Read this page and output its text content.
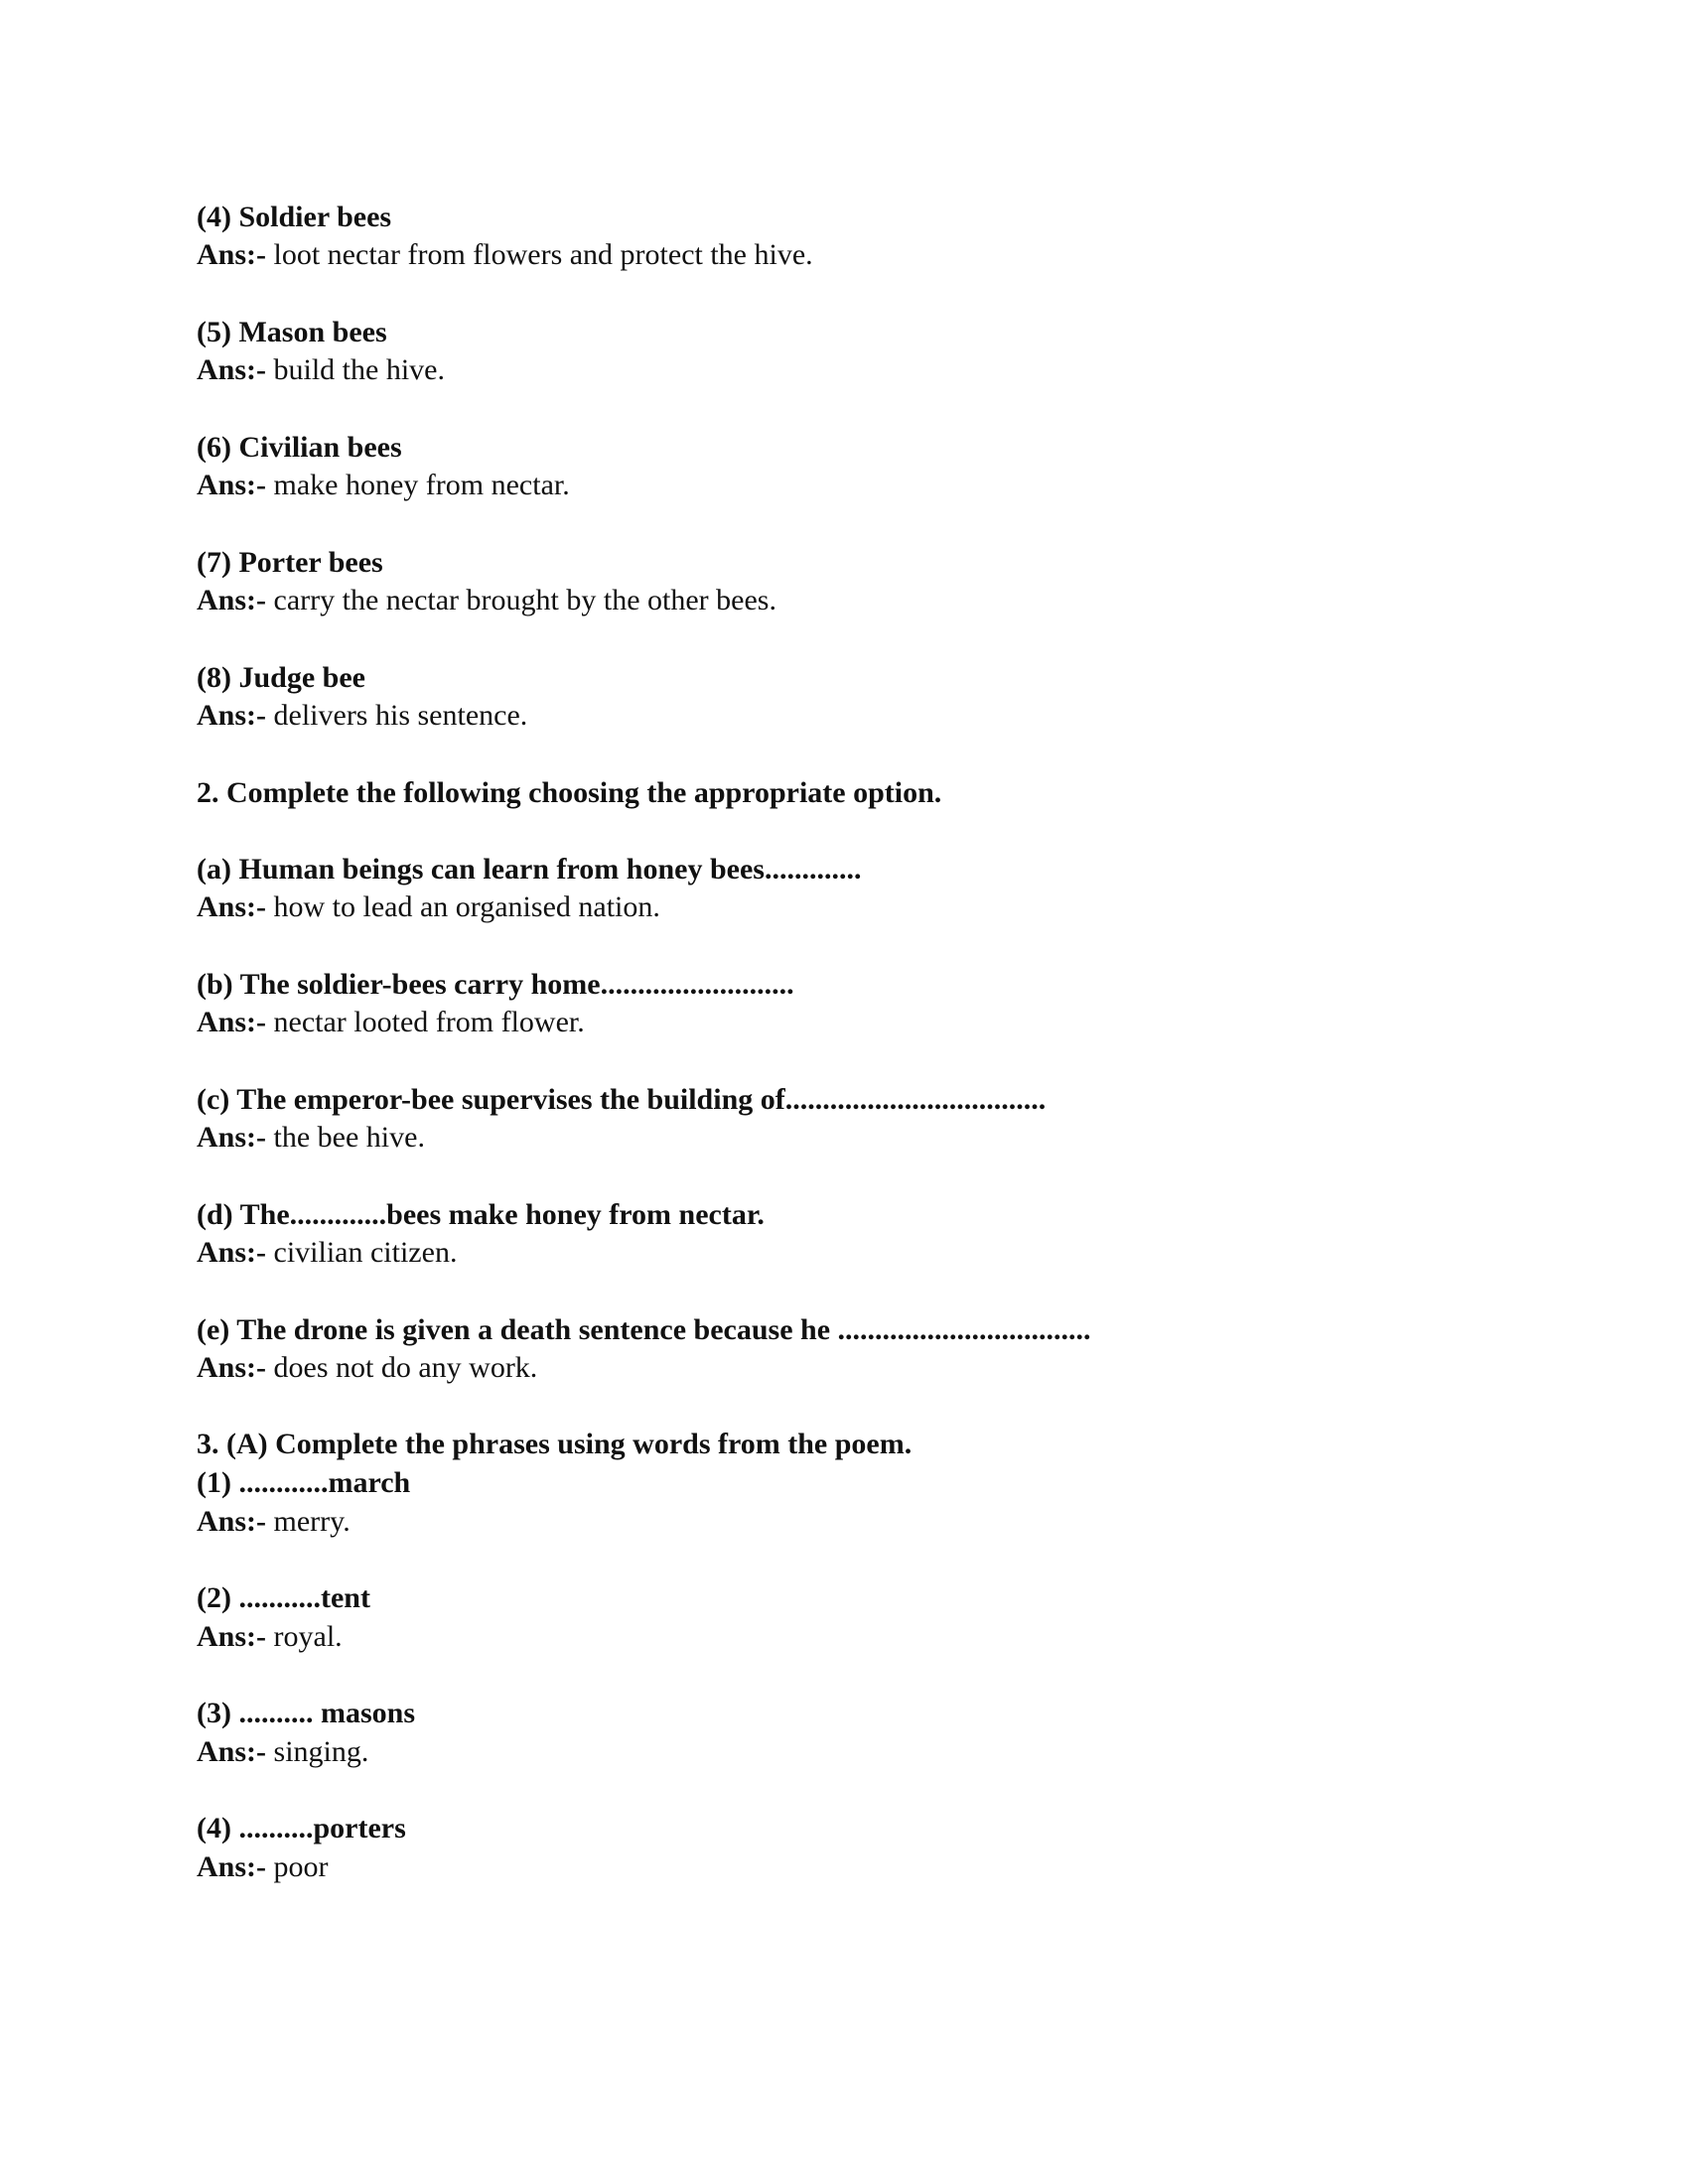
(4) Soldier bees
Ans:- loot nectar from flowers and protect the hive.
(5) Mason bees
Ans:- build the hive.
(6) Civilian bees
Ans:- make honey from nectar.
(7) Porter bees
Ans:- carry the nectar brought by the other bees.
(8) Judge bee
Ans:- delivers his sentence.
2. Complete the following choosing the appropriate option.
(a) Human beings can learn from honey bees.............
Ans:- how to lead an organised nation.
(b) The soldier-bees carry home..........................
Ans:- nectar looted from flower.
(c) The emperor-bee supervises the building of...................................
Ans:- the bee hive.
(d) The.............bees make honey from nectar.
Ans:- civilian citizen.
(e) The drone is given a death sentence because he ..................................
Ans:- does not do any work.
3. (A) Complete the phrases using words from the poem.
(1) ............march
Ans:- merry.
(2) ...........tent
Ans:- royal.
(3) .......... masons
Ans:- singing.
(4) ..........porters
Ans:- poor
